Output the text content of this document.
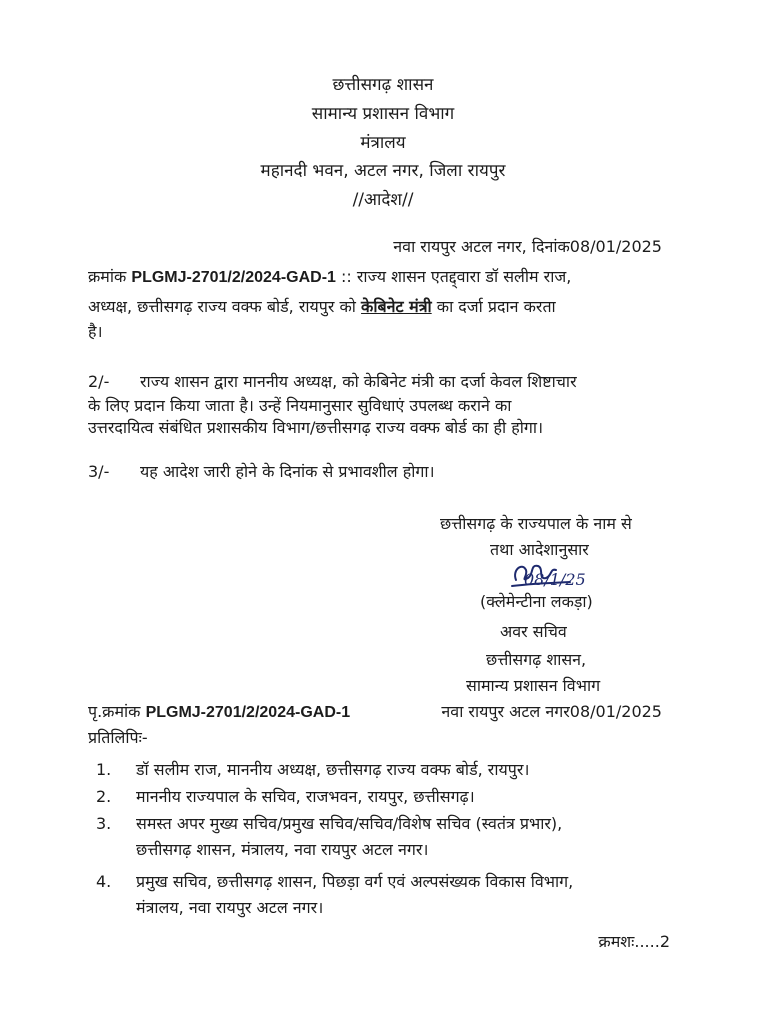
छत्तीसगढ़ शासन
सामान्य प्रशासन विभाग
मंत्रालय
महानदी भवन, अटल नगर, जिला रायपुर
//आदेश//
नवा रायपुर अटल नगर, दिनांक08/01/2025
क्रमांक PLGMJ-2701/2/2024-GAD-1 :: राज्य शासन एतद्द्वारा डॉ सलीम राज,
अध्यक्ष, छत्तीसगढ़ राज्य वक्फ बोर्ड, रायपुर को केबिनेट मंत्री का दर्जा प्रदान करता
है।
2/- राज्य शासन द्वारा माननीय अध्यक्ष, को केबिनेट मंत्री का दर्जा केवल शिष्टाचार
के लिए प्रदान किया जाता है। उन्हें नियमानुसार सुविधाएं उपलब्ध कराने का
उत्तरदायित्व संबंधित प्रशासकीय विभाग/छत्तीसगढ़ राज्य वक्फ बोर्ड का ही होगा।
3/- यह आदेश जारी होने के दिनांक से प्रभावशील होगा।
छत्तीसगढ़ के राज्यपाल के नाम से
तथा आदेशानुसार
08/1/25
(क्लेमेन्टीना लकड़ा)
अवर सचिव
छत्तीसगढ़ शासन,
सामान्य प्रशासन विभाग
पृ.क्रमांक PLGMJ-2701/2/2024-GAD-1	नवा रायपुर अटल नगर08/01/2025
प्रतिलिपिः-
1. डॉ सलीम राज, माननीय अध्यक्ष, छत्तीसगढ़ राज्य वक्फ बोर्ड, रायपुर।
2. माननीय राज्यपाल के सचिव, राजभवन, रायपुर, छत्तीसगढ़।
3. समस्त अपर मुख्य सचिव/प्रमुख सचिव/सचिव/विशेष सचिव (स्वतंत्र प्रभार),
छत्तीसगढ़ शासन, मंत्रालय, नवा रायपुर अटल नगर।
4. प्रमुख सचिव, छत्तीसगढ़ शासन, पिछड़ा वर्ग एवं अल्पसंख्यक विकास विभाग,
मंत्रालय, नवा रायपुर अटल नगर।
क्रमशः.....2
